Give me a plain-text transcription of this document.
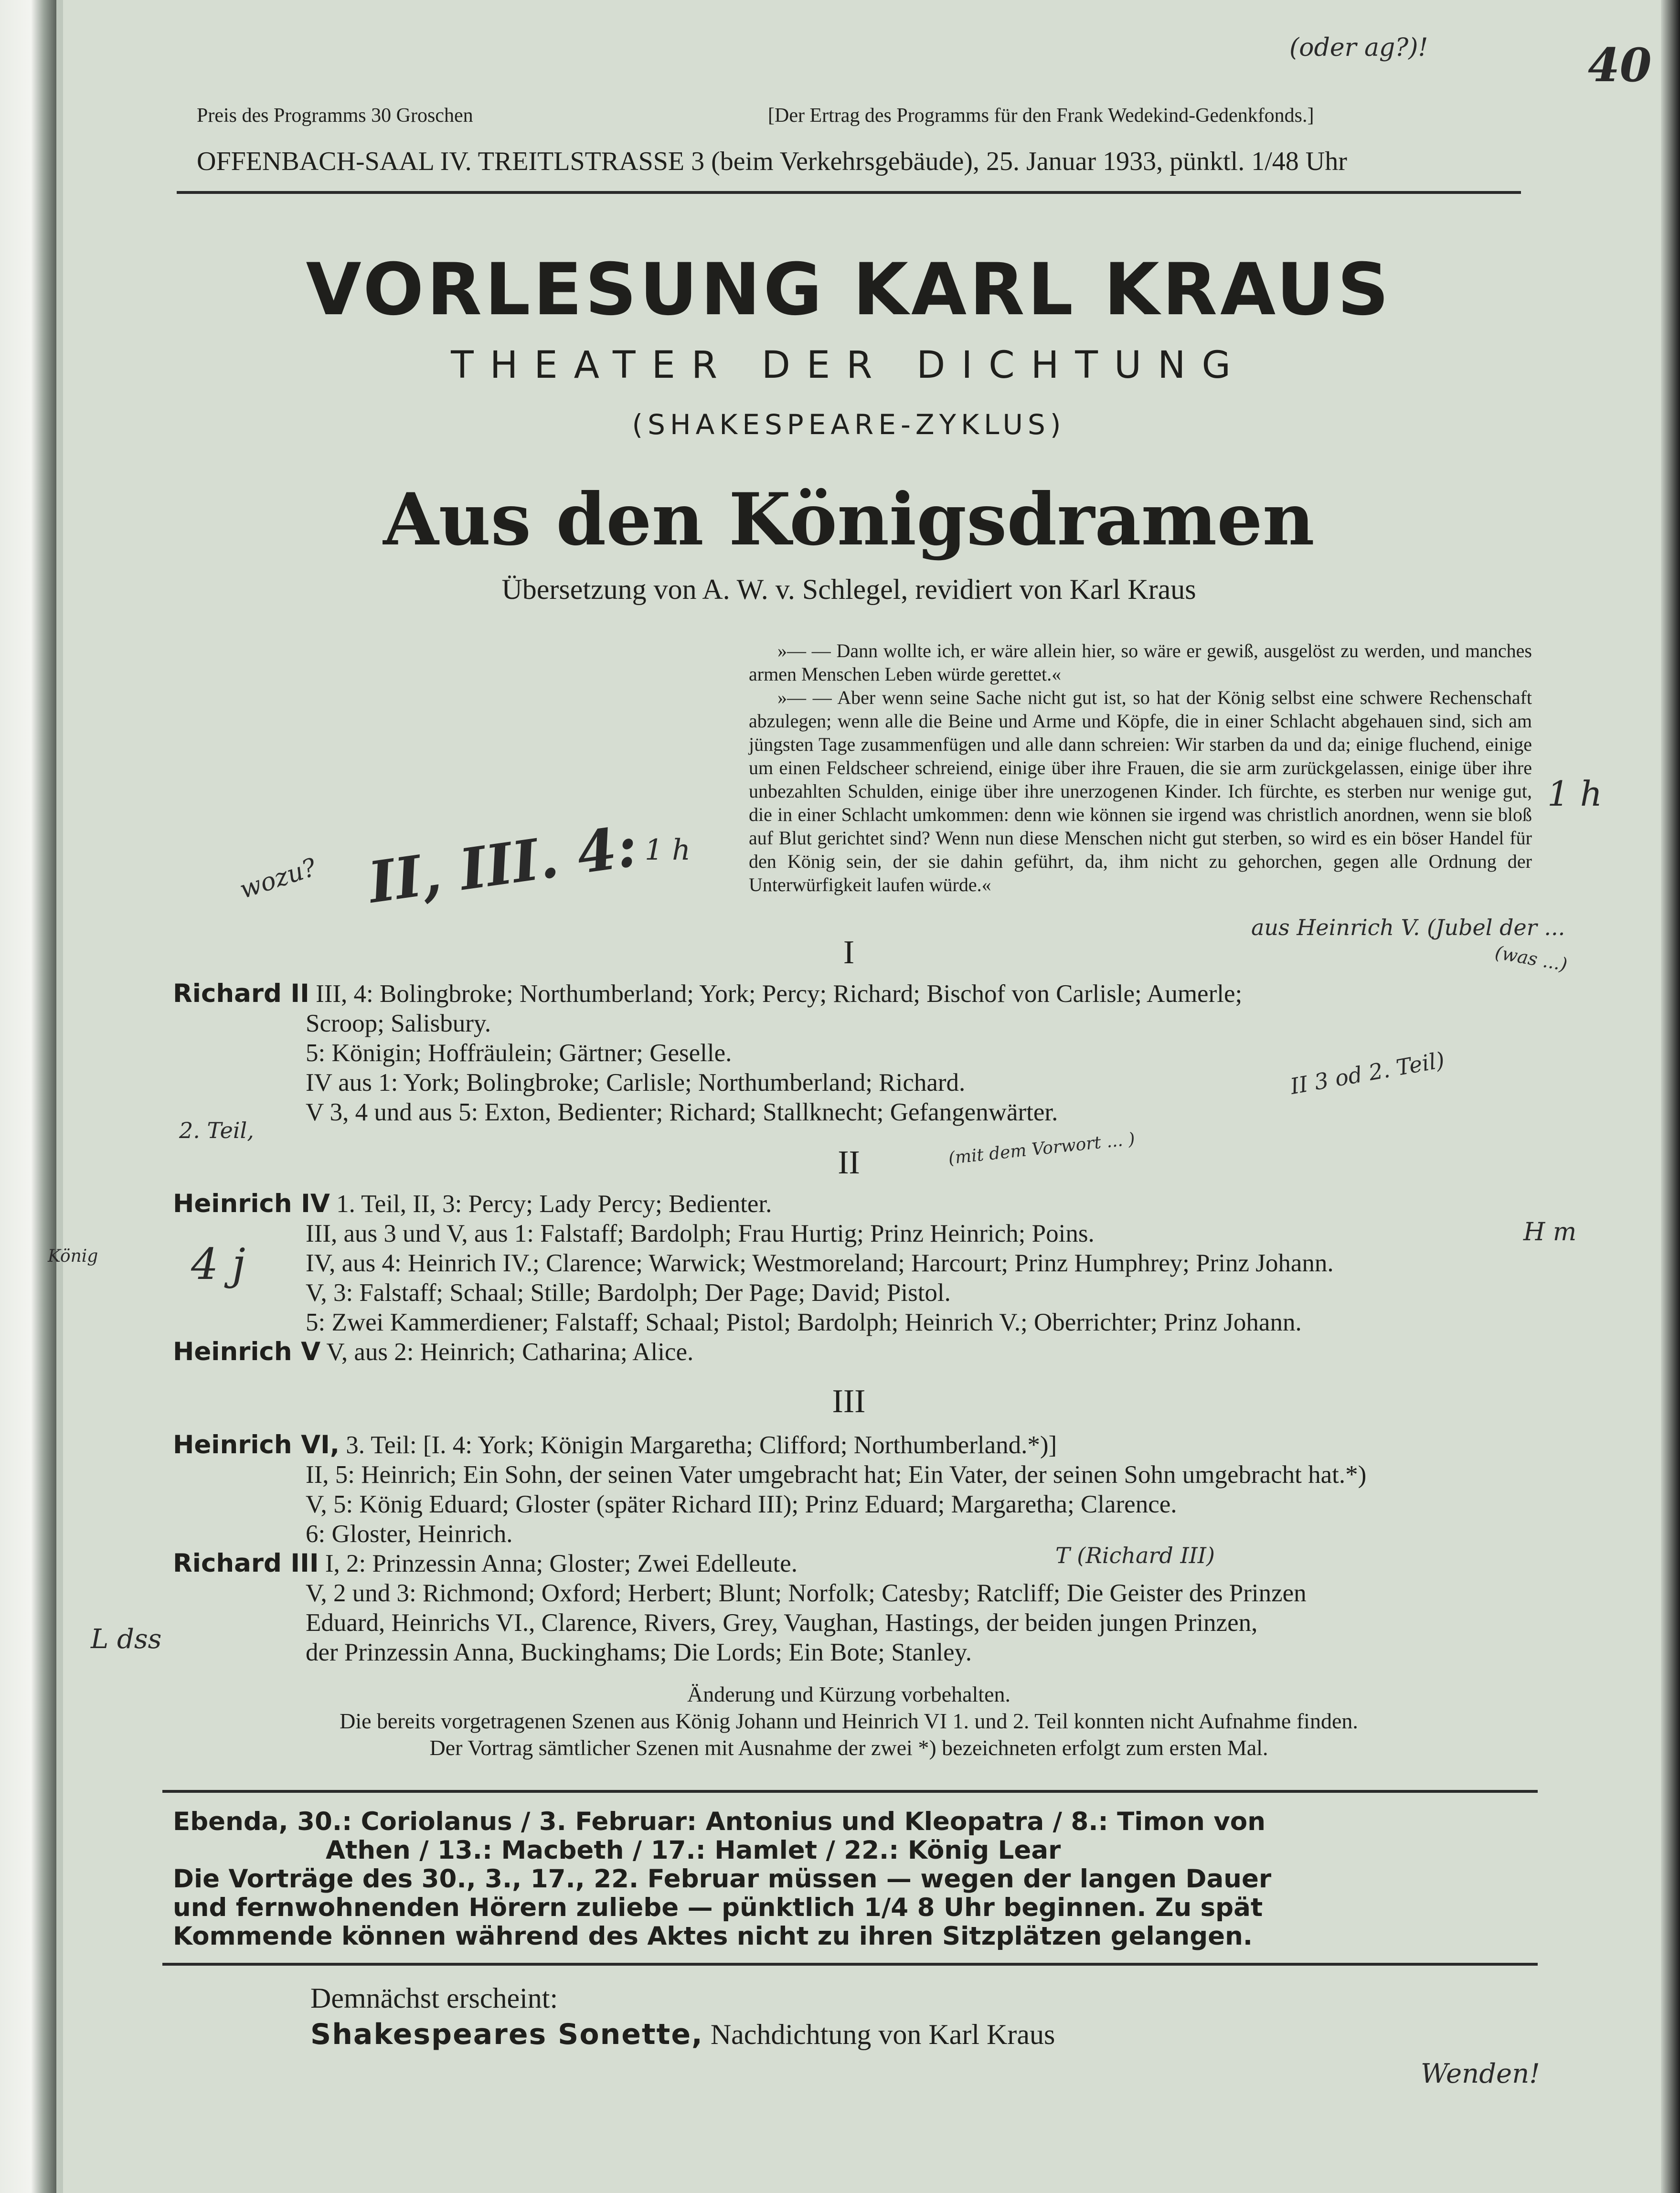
40
(oder ag?)!
Preis des Programms 30 Groschen	[Der Ertrag des Programms für den Frank Wedekind-Gedenkfonds.]
OFFENBACH-SAAL IV. TREITLSTRASSE 3 (beim Verkehrsgebäude), 25. Januar 1933, pünktl. 1/48 Uhr
VORLESUNG KARL KRAUS
THEATER DER DICHTUNG
(SHAKESPEARE-ZYKLUS)
Aus den Königsdramen
Übersetzung von A. W. v. Schlegel, revidiert von Karl Kraus
»— — Dann wollte ich, er wäre allein hier, so wäre er gewiß, ausgelöst zu werden, und manches armen Menschen Leben würde gerettet.«
»— — Aber wenn seine Sache nicht gut ist, so hat der König selbst eine schwere Rechenschaft abzulegen; wenn alle die Beine und Arme und Köpfe, die in einer Schlacht abgehauen sind, sich am jüngsten Tage zusammenfügen und alle dann schreien: Wir starben da und da; einige fluchend, einige um einen Feldscheer schreiend, einige über ihre Frauen, die sie arm zurückgelassen, einige über ihre unbezahlten Schulden, einige über ihre unerzogenen Kinder. Ich fürchte, es sterben nur wenige gut, die in einer Schlacht umkommen: denn wie können sie irgend was christlich anordnen, wenn sie bloß auf Blut gerichtet sind? Wenn nun diese Menschen nicht gut sterben, so wird es ein böser Handel für den König sein, der sie dahin geführt, da, ihm nicht zu gehorchen, gegen alle Ordnung der Unterwürfigkeit laufen würde.«
wozu? II, III. 4: 1 h
1 h
aus Heinrich V. (Jubel der ...
(was ...)
I
Richard II III, 4: Bolingbroke; Northumberland; York; Percy; Richard; Bischof von Carlisle; Aumerle;
Scroop; Salisbury.
5: Königin; Hoffräulein; Gärtner; Geselle.
IV aus 1: York; Bolingbroke; Carlisle; Northumberland; Richard.
V 3, 4 und aus 5: Exton, Bedienter; Richard; Stallknecht; Gefangenwärter.
II 3 od 2. Teil)
II	(mit dem Vorwort ... )
2. Teil,
König 4 j
H m
Heinrich IV 1. Teil, II, 3: Percy; Lady Percy; Bedienter.
III, aus 3 und V, aus 1: Falstaff; Bardolph; Frau Hurtig; Prinz Heinrich; Poins.
IV, aus 4: Heinrich IV.; Clarence; Warwick; Westmoreland; Harcourt; Prinz Humphrey; Prinz Johann.
V, 3: Falstaff; Schaal; Stille; Bardolph; Der Page; David; Pistol.
5: Zwei Kammerdiener; Falstaff; Schaal; Pistol; Bardolph; Heinrich V.; Oberrichter; Prinz Johann.
Heinrich V V, aus 2: Heinrich; Catharina; Alice.
III
Heinrich VI, 3. Teil: [I. 4: York; Königin Margaretha; Clifford; Northumberland.*)]
II, 5: Heinrich; Ein Sohn, der seinen Vater umgebracht hat; Ein Vater, der seinen Sohn umgebracht hat.*)
V, 5: König Eduard; Gloster (später Richard III); Prinz Eduard; Margaretha; Clarence.
6: Gloster, Heinrich.
Richard III I, 2: Prinzessin Anna; Gloster; Zwei Edelleute.
V, 2 und 3: Richmond; Oxford; Herbert; Blunt; Norfolk; Catesby; Ratcliff; Die Geister des Prinzen
Eduard, Heinrichs VI., Clarence, Rivers, Grey, Vaughan, Hastings, der beiden jungen Prinzen,
der Prinzessin Anna, Buckinghams; Die Lords; Ein Bote; Stanley.
T (Richard III)
L dss
Änderung und Kürzung vorbehalten.
Die bereits vorgetragenen Szenen aus König Johann und Heinrich VI 1. und 2. Teil konnten nicht Aufnahme finden.
Der Vortrag sämtlicher Szenen mit Ausnahme der zwei *) bezeichneten erfolgt zum ersten Mal.
Ebenda, 30.: Coriolanus / 3. Februar: Antonius und Kleopatra / 8.: Timon von
Athen / 13.: Macbeth / 17.: Hamlet / 22.: König Lear
Die Vorträge des 30., 3., 17., 22. Februar müssen — wegen der langen Dauer
und fernwohnenden Hörern zuliebe — pünktlich 1/4 8 Uhr beginnen. Zu spät
Kommende können während des Aktes nicht zu ihren Sitzplätzen gelangen.
Demnächst erscheint:
Shakespeares Sonette, Nachdichtung von Karl Kraus
Wenden!
